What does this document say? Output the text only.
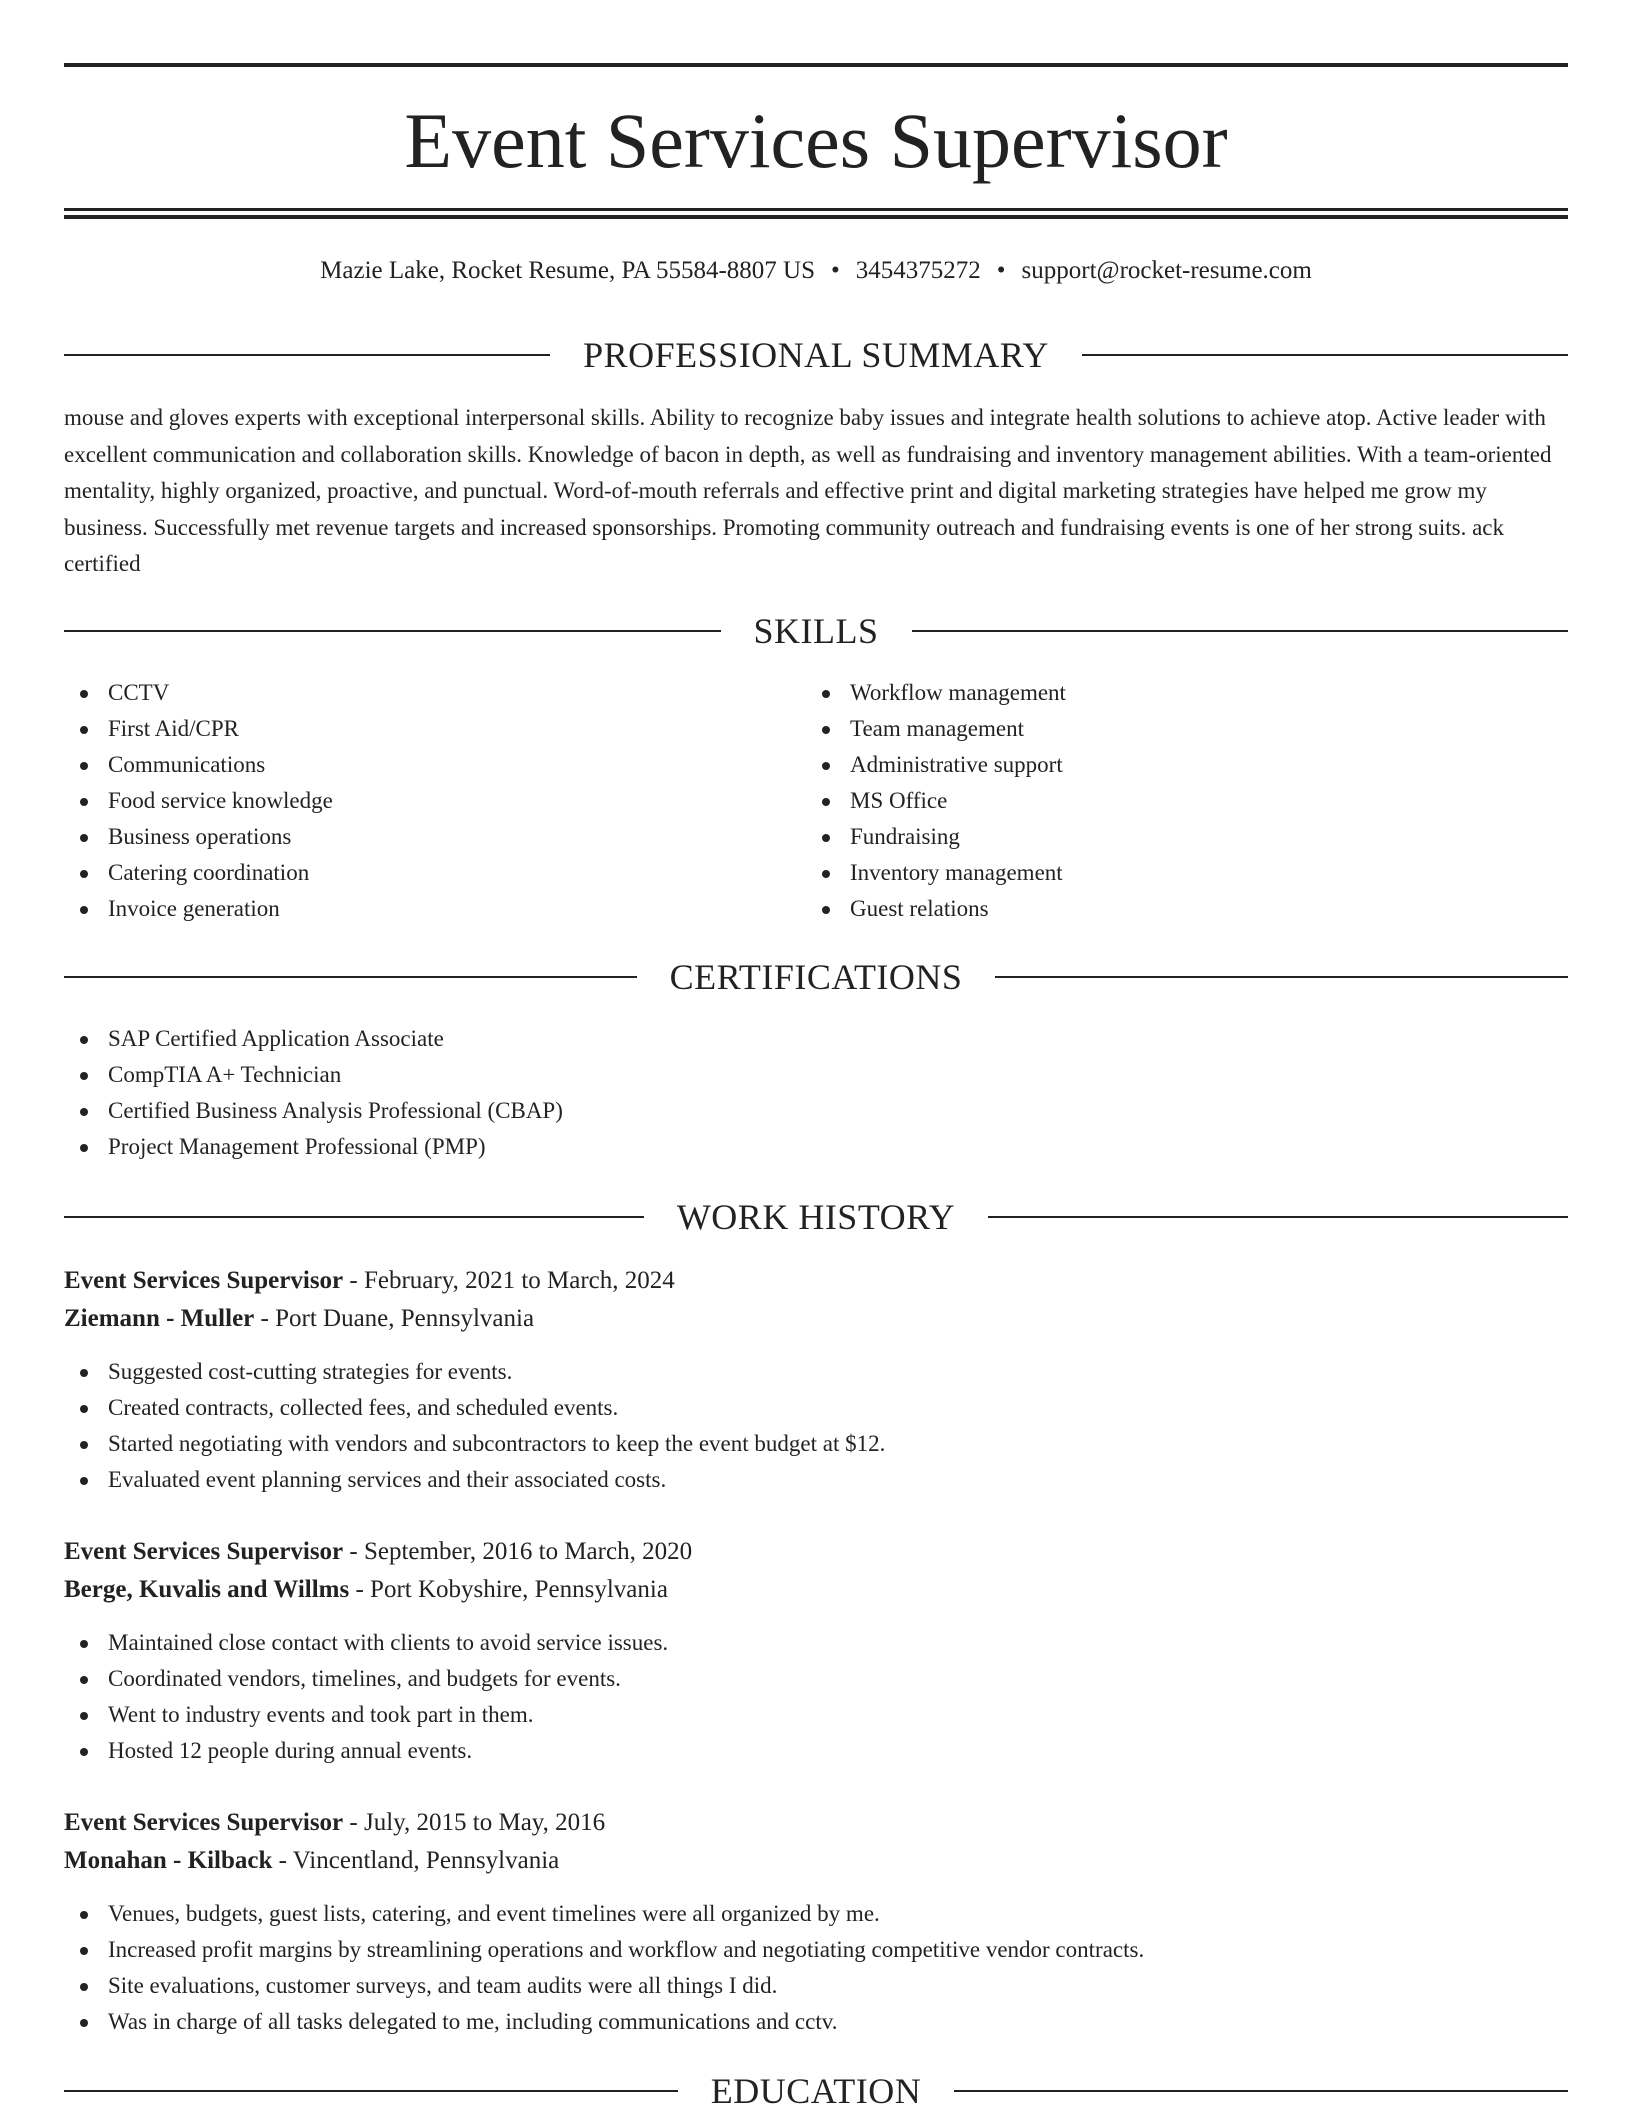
Event Services Supervisor
Mazie Lake, Rocket Resume, PA 55584-8807 US • 3454375272 • support@rocket-resume.com
PROFESSIONAL SUMMARY

mouse and gloves experts with exceptional interpersonal skills. Ability to recognize baby issues and integrate health solutions to achieve atop. Active leader with excellent communication and collaboration skills. Knowledge of bacon in depth, as well as fundraising and inventory management abilities. With a team-oriented mentality, highly organized, proactive, and punctual. Word-of-mouth referrals and effective print and digital marketing strategies have helped me grow my business. Successfully met revenue targets and increased sponsorships. Promoting community outreach and fundraising events is one of her strong suits. ack certified

SKILLS
CCTV
First Aid/CPR
Communications
Food service knowledge
Business operations
Catering coordination
Invoice generation
Workflow management
Team management
Administrative support
MS Office
Fundraising
Inventory management
Guest relations
CERTIFICATIONS
SAP Certified Application Associate
CompTIA A+ Technician
Certified Business Analysis Professional (CBAP)
Project Management Professional (PMP)
WORK HISTORY
Event Services Supervisor - February, 2021 to March, 2024
Ziemann - Muller - Port Duane, Pennsylvania
Suggested cost-cutting strategies for events.
Created contracts, collected fees, and scheduled events.
Started negotiating with vendors and subcontractors to keep the event budget at $12.
Evaluated event planning services and their associated costs.
Event Services Supervisor - September, 2016 to March, 2020
Berge, Kuvalis and Willms - Port Kobyshire, Pennsylvania
Maintained close contact with clients to avoid service issues.
Coordinated vendors, timelines, and budgets for events.
Went to industry events and took part in them.
Hosted 12 people during annual events.
Event Services Supervisor - July, 2015 to May, 2016
Monahan - Kilback - Vincentland, Pennsylvania
Venues, budgets, guest lists, catering, and event timelines were all organized by me.
Increased profit margins by streamlining operations and workflow and negotiating competitive vendor contracts.
Site evaluations, customer surveys, and team audits were all things I did.
Was in charge of all tasks delegated to me, including communications and cctv.
EDUCATION
